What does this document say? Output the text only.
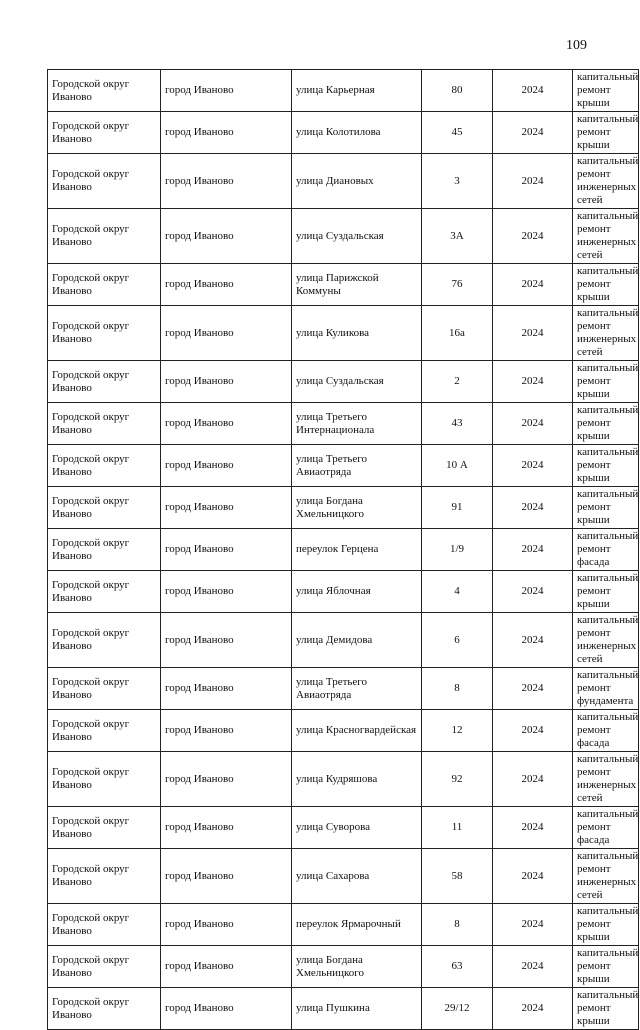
109
Городской округ Иваново	город Иваново	улица Карьерная	80	2024	капитальный ремонт крыши
Городской округ Иваново	город Иваново	улица Колотилова	45	2024	капитальный ремонт крыши
Городской округ Иваново	город Иваново	улица Диановых	3	2024	капитальный ремонт инженерных сетей
Городской округ Иваново	город Иваново	улица Суздальская	3А	2024	капитальный ремонт инженерных сетей
Городской округ Иваново	город Иваново	улица Парижской Коммуны	76	2024	капитальный ремонт крыши
Городской округ Иваново	город Иваново	улица Куликова	16а	2024	капитальный ремонт инженерных сетей
Городской округ Иваново	город Иваново	улица Суздальская	2	2024	капитальный ремонт крыши
Городской округ Иваново	город Иваново	улица Третьего Интернационала	43	2024	капитальный ремонт крыши
Городской округ Иваново	город Иваново	улица Третьего Авиаотряда	10 А	2024	капитальный ремонт крыши
Городской округ Иваново	город Иваново	улица Богдана Хмельницкого	91	2024	капитальный ремонт крыши
Городской округ Иваново	город Иваново	переулок Герцена	1/9	2024	капитальный ремонт фасада
Городской округ Иваново	город Иваново	улица Яблочная	4	2024	капитальный ремонт крыши
Городской округ Иваново	город Иваново	улица Демидова	6	2024	капитальный ремонт инженерных сетей
Городской округ Иваново	город Иваново	улица Третьего Авиаотряда	8	2024	капитальный ремонт фундамента
Городской округ Иваново	город Иваново	улица Красногвардейская	12	2024	капитальный ремонт фасада
Городской округ Иваново	город Иваново	улица Кудряшова	92	2024	капитальный ремонт инженерных сетей
Городской округ Иваново	город Иваново	улица Суворова	11	2024	капитальный ремонт фасада
Городской округ Иваново	город Иваново	улица Сахарова	58	2024	капитальный ремонт инженерных сетей
Городской округ Иваново	город Иваново	переулок Ярмарочный	8	2024	капитальный ремонт крыши
Городской округ Иваново	город Иваново	улица Богдана Хмельницкого	63	2024	капитальный ремонт крыши
Городской округ Иваново	город Иваново	улица Пушкина	29/12	2024	капитальный ремонт крыши
